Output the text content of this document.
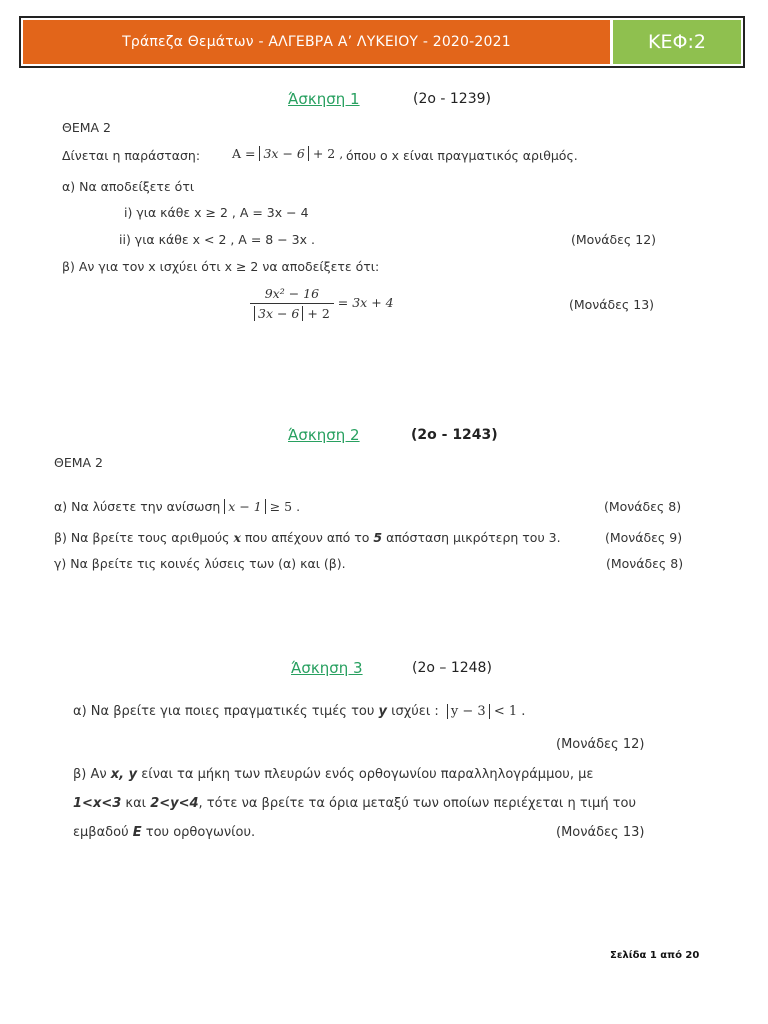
Τράπεζα Θεμάτων - ΑΛΓΕΒΡΑ Α’ ΛΥΚΕΙΟΥ - 2020-2021	ΚΕΦ:2
Άσκηση 1	(2ο - 1239)
ΘΕΜΑ 2
Δίνεται η παράσταση:	A = 3x − 6 + 2 , όπου ο x είναι πραγματικός αριθμός.
α) Να αποδείξετε ότι
i) για κάθε x ≥ 2 , A = 3x − 4
ii) για κάθε x < 2 , A = 8 − 3x .	(Μονάδες 12)
β) Αν για τον x ισχύει ότι x ≥ 2 να αποδείξετε ότι:
$\frac{\text{9x² − 16}}{3x - 6 + 2} = 3x + 4$	(Μονάδες 13)
Άσκηση 2	(2ο - 1243)
ΘΕΜΑ 2
α) Να λύσετε την ανίσωση x − 1 ≥ 5 .	(Μονάδες 8)
β) Να βρείτε τους αριθμούς x που απέχουν από το 5 απόσταση μικρότερη του 3.	(Μονάδες 9)
γ) Να βρείτε τις κοινές λύσεις των (α) και (β).	(Μονάδες 8)
Άσκηση 3	(2ο – 1248)
α) Να βρείτε για ποιες πραγματικές τιμές του y ισχύει : y − 3 < 1 .
(Μονάδες 12)
β) Αν x, y είναι τα μήκη των πλευρών ενός ορθογωνίου παραλληλογράμμου, με
1<x<3 και 2<y<4, τότε να βρείτε τα όρια μεταξύ των οποίων περιέχεται η τιμή του
εμβαδού E του ορθογωνίου.	(Μονάδες 13)
Σελίδα 1 από 20
